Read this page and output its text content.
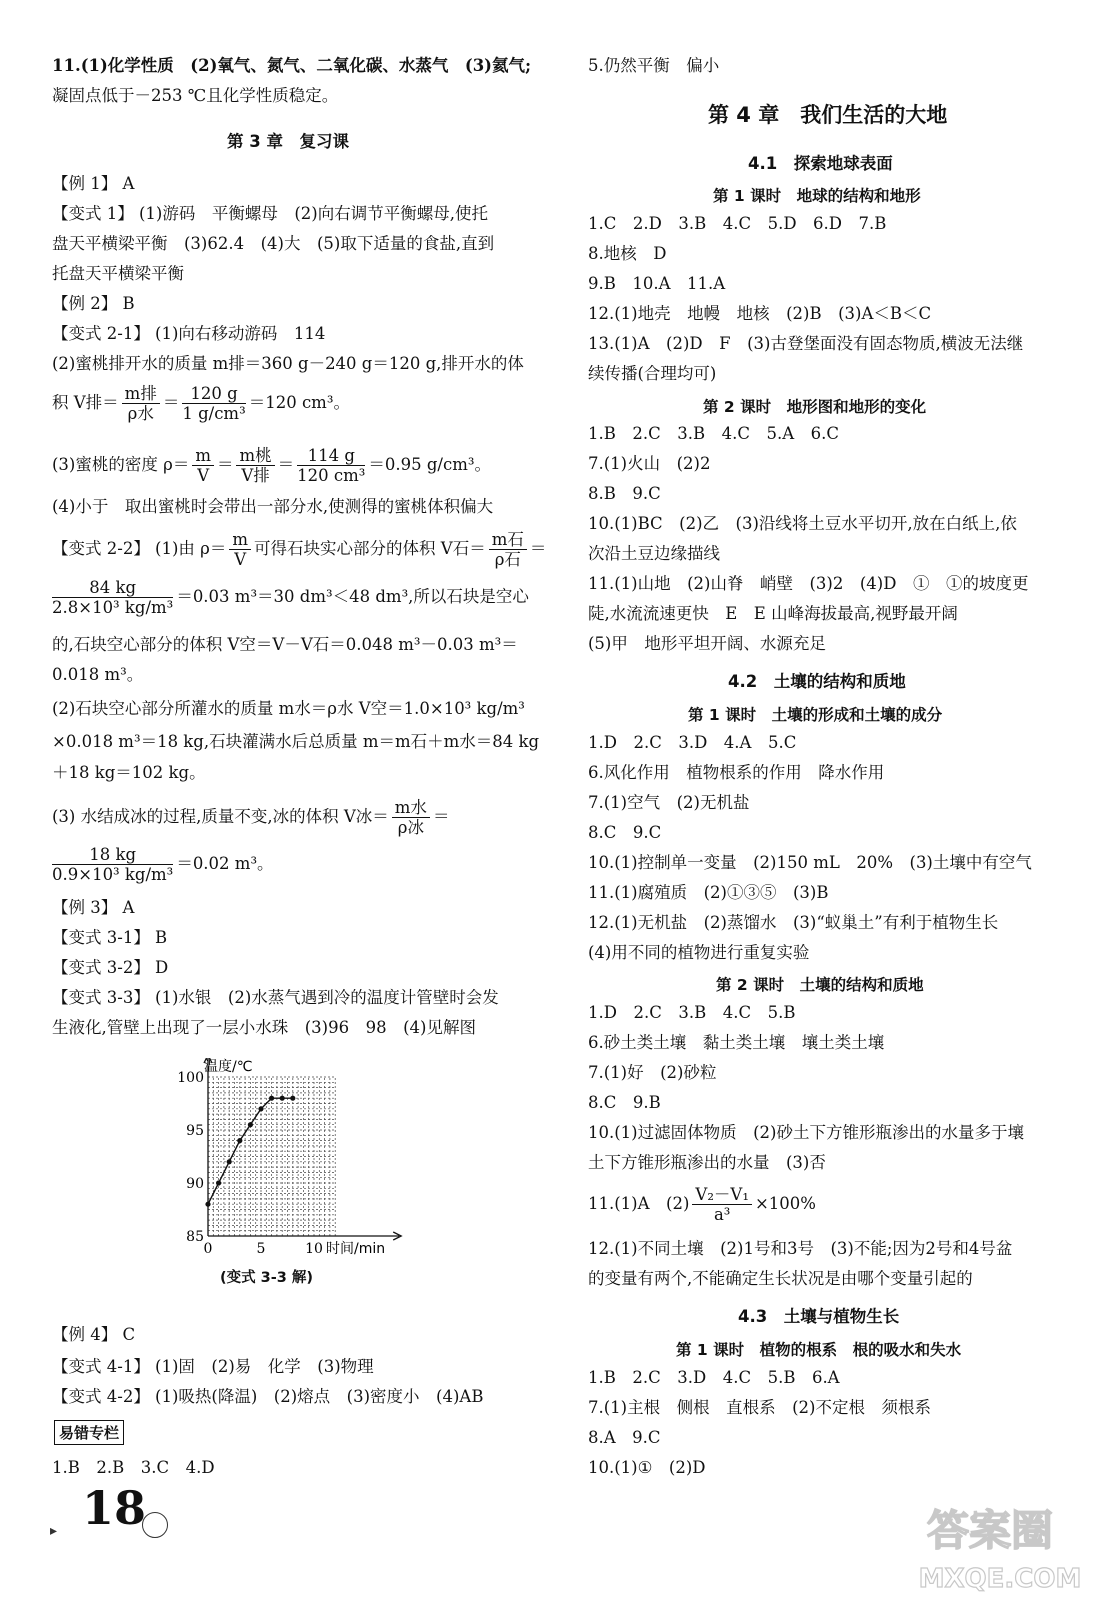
11.(1)化学性质　(2)氧气、氮气、二氧化碳、水蒸气　(3)氦气;
凝固点低于－253 ℃且化学性质稳定。
第 3 章　复习课
【例 1】 A
【变式 1】 (1)游码　平衡螺母　(2)向右调节平衡螺母,使托
盘天平横梁平衡　(3)62.4　(4)大　(5)取下适量的食盐,直到
托盘天平横梁平衡
【例 2】 B
【变式 2-1】 (1)向右移动游码　114
(2)蜜桃排开水的质量 m排＝360 g－240 g＝120 g,排开水的体
积 V排＝ $\frac{\text{m排}}{\text{ρ水}} = \frac{120 g}{\text{1 g/cm³}} =120$ cm³。
(3)蜜桃的密度 $\rho= \frac{m}{V} = \frac{\text{m桃}}{\text{V排}} = \frac{114 g}{\text{120 cm³}} =0.95$ g/cm³。
(4)小于　取出蜜桃时会带出一部分水,使测得的蜜桃体积偏大
【变式 2-2】 (1)由 $\rho= \frac{m}{V}$ 可得石块实心部分的体积 V石＝ $\frac{\text{m石}}{\text{ρ石}}$ ＝
$\frac{84 kg}{\text{2.8×10³ kg/m³}} =0.03$ m³＝30 dm³＜48 dm³,所以石块是空心
的,石块空心部分的体积 V空＝V－V石＝0.048 m³－0.03 m³＝
0.018 m³。
(2)石块空心部分所灌水的质量 m水＝ρ水 V空＝1.0×10³ kg/m³
×0.018 m³＝18 kg,石块灌满水后总质量 m＝m石＋m水＝84 kg
＋18 kg＝102 kg。
(3) 水结成冰的过程,质量不变,冰的体积 V冰＝ $\frac{\text{m水}}{\text{ρ冰}}$ ＝
$\frac{18 kg}{\text{0.9×10³ kg/m³}} =0.02$ m³。
【例 3】 A
【变式 3-1】 B
【变式 3-2】 D
【变式 3-3】 (1)水银　(2)水蒸气遇到冷的温度计管壁时会发
生液化,管壁上出现了一层小水珠　(3)96　98　(4)见解图
【例 4】 C
【变式 4-1】 (1)固　(2)易　化学　(3)物理
【变式 4-2】 (1)吸热(降温)　(2)熔点　(3)密度小　(4)AB
易错专栏
1.B　2.B　3.C　4.D
85
90
95
100
0	5	10
温度/℃
时间/min
(变式 3-3 解)
5.仍然平衡　偏小
第 4 章　我们生活的大地
4.1　探索地球表面
第 1 课时　地球的结构和地形
1.C　2.D　3.B　4.C　5.D　6.D　7.B
8.地核　D
9.B　10.A　11.A
12.(1)地壳　地幔　地核　(2)B　(3)A＜B＜C
13.(1)A　(2)D　F　(3)古登堡面没有固态物质,横波无法继
续传播(合理均可)
第 2 课时　地形图和地形的变化
1.B　2.C　3.B　4.C　5.A　6.C
7.(1)火山　(2)2
8.B　9.C
10.(1)BC　(2)乙　(3)沿线将土豆水平切开,放在白纸上,依
次沿土豆边缘描线
11.(1)山地　(2)山脊　峭壁　(3)2　(4)D　①　①的坡度更
陡,水流流速更快　E　E 山峰海拔最高,视野最开阔
(5)甲　地形平坦开阔、水源充足
4.2　土壤的结构和质地
第 1 课时　土壤的形成和土壤的成分
1.D　2.C　3.D　4.A　5.C
6.风化作用　植物根系的作用　降水作用
7.(1)空气　(2)无机盐
8.C　9.C
10.(1)控制单一变量　(2)150 mL　20%　(3)土壤中有空气
11.(1)腐殖质　(2)①③⑤　(3)B
12.(1)无机盐　(2)蒸馏水　(3)“蚁巢土”有利于植物生长
(4)用不同的植物进行重复实验
第 2 课时　土壤的结构和质地
1.D　2.C　3.B　4.C　5.B
6.砂土类土壤　黏土类土壤　壤土类土壤
7.(1)好　(2)砂粒
8.C　9.B
10.(1)过滤固体物质　(2)砂土下方锥形瓶渗出的水量多于壤
土下方锥形瓶渗出的水量　(3)否
11.(1)A　$(2) \frac{\text{V₂－V₁}}{\text{a³}} \times 100\%$
12.(1)不同土壤　(2)1号和3号　(3)不能;因为2号和4号盆
的变量有两个,不能确定生长状况是由哪个变量引起的
4.3　土壤与植物生长
第 1 课时　植物的根系　根的吸水和失水
1.B　2.C　3.D　4.C　5.B　6.A
7.(1)主根　侧根　直根系　(2)不定根　须根系
8.A　9.C
10.(1)①　(2)D
▸ 18	答案圈
MXQE.COM
